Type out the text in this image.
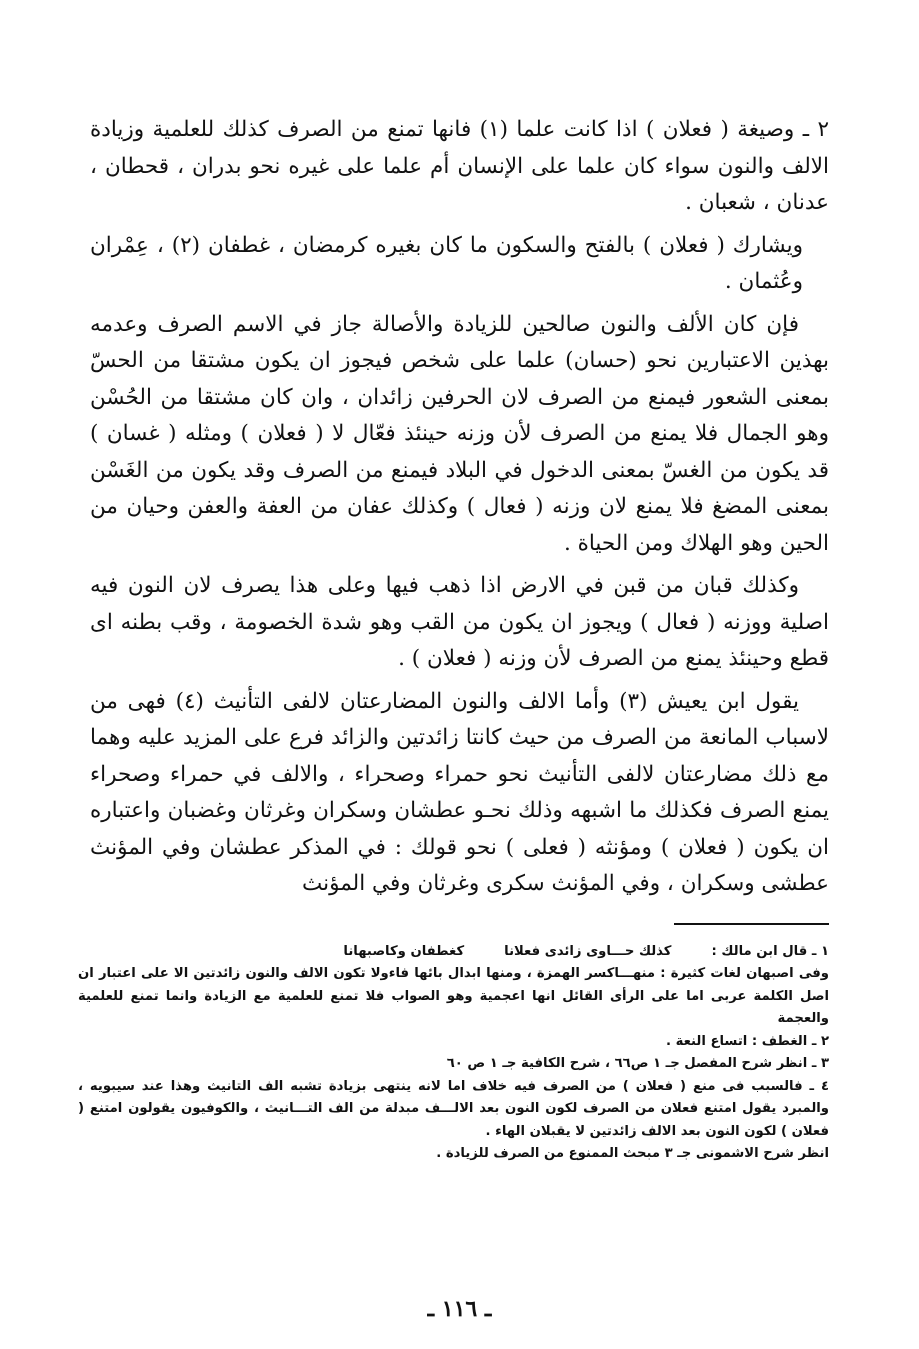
٢ ـ وصيغة ( فعلان ) اذا كانت علما (١) فانها تمنع من الصرف كذلك للعلمية وزيادة الالف والنون سواء كان علما على الإنسان أم علما على غيره نحو بدران ، قحطان ، عدنان ، شعبان .

ويشارك ( فعلان ) بالفتح والسكون ما كان بغيره كرمضان ، غطفان (٢) ، عِمْران وعُثمان .

فإن كان الألف والنون صالحين للزيادة والأصالة جاز في الاسم الصرف وعدمه بهذين الاعتبارين نحو (حسان) علما على شخص فيجوز ان يكون مشتقا من الحسّ بمعنى الشعور فيمنع من الصرف لان الحرفين زائدان ، وان كان مشتقا من الحُسْن وهو الجمال فلا يمنع من الصرف لأن وزنه حينئذ فعّال لا ( فعلان ) ومثله ( غسان ) قد يكون من الغسّ بمعنى الدخول في البلاد فيمنع من الصرف وقد يكون من الغَسْن بمعنى المضغ فلا يمنع لان وزنه ( فعال ) وكذلك عفان من العفة والعفن وحيان من الحين وهو الهلاك ومن الحياة .

وكذلك قبان من قبن في الارض اذا ذهب فيها وعلى هذا يصرف لان النون فيه اصلية ووزنه ( فعال ) ويجوز ان يكون من القب وهو شدة الخصومة ، وقب بطنه اى قطع وحينئذ يمنع من الصرف لأن وزنه ( فعلان ) .

يقول ابن يعيش (٣) وأما الالف والنون المضارعتان لالفى التأنيث (٤) فهى من لاسباب المانعة من الصرف من حيث كانتا زائدتين والزائد فرع على المزيد عليه وهما مع ذلك مضارعتان لالفى التأنيث نحو حمراء وصحراء ، والالف في حمراء وصحراء يمنع الصرف فكذلك ما اشبهه وذلك نحـو عطشان وسكران وغرثان وغضبان واعتباره ان يكون ( فعلان ) ومؤنثه ( فعلى ) نحو قولك : في المذكر عطشان وفي المؤنث عطشى وسكران ، وفي المؤنث سكرى وغرثان وفي المؤنث

١ ـ قال ابن مالك :
كذلك حـــاوى زائدى فعلانا
كغطفان وكاصبهانا

وفى اصبهان لغات كثيرة : منهـــاكسر الهمزة ، ومنها ابدال بائها فاءولا تكون الالف والنون زائدتين الا على اعتبار ان اصل الكلمة عربى اما على الرأى القائل انها اعجمية وهو الصواب فلا تمنع للعلمية مع الزيادة وانما تمنع للعلمية والعجمة

٢ ـ الغطف : اتساع النعة .

٣ ـ انظر شرح المفصل جـ ١ ص٦٦ ، شرح الكافية جـ ١ ص ٦٠

٤ ـ فالسبب فى منع ( فعلان ) من الصرف فيه خلاف اما لانه ينتهى بزيادة تشبه الف التانيث وهذا عند سيبويه ، والمبرد يقول امتنع فعلان من الصرف لكون النون بعد الالـــف مبدلة من الف التـــانيث ، والكوفيون يقولون امتنع ( فعلان ) لكون النون بعد الالف زائدتين لا يقبلان الهاء .

انظر شرح الاشمونى جـ ٣ مبحث الممنوع من الصرف للزيادة .

ـ ١١٦ ـ
